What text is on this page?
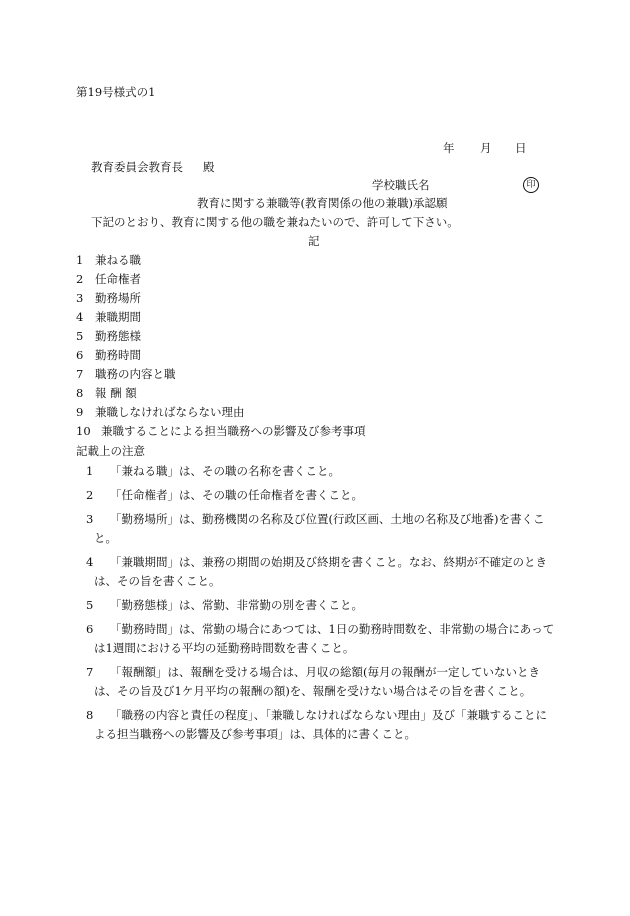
第19号様式の1
年 月 日
教育委員会教育長 殿
学校職氏名	印
教育に関する兼職等(教育関係の他の兼職)承認願
下記のとおり、教育に関する他の職を兼ねたいので、許可して下さい。
記
1 兼ねる職
2 任命権者
3 勤務場所
4 兼職期間
5 勤務態様
6 勤務時間
7 職務の内容と職
8 報 酬 額
9 兼職しなければならない理由
10 兼職することによる担当職務への影響及び参考事項
記載上の注意
1	「兼ねる職」は、その職の名称を書くこと。
2	「任命権者」は、その職の任命権者を書くこと。
3	「勤務場所」は、勤務機関の名称及び位置(行政区画、土地の名称及び地番)を書くこと。
4	「兼職期間」は、兼務の期間の始期及び終期を書くこと。なお、終期が不確定のときは、その旨を書くこと。
5	「勤務態様」は、常勤、非常勤の別を書くこと。
6	「勤務時間」は、常勤の場合にあつては、1日の勤務時間数を、非常勤の場合にあっては1週間における平均の延勤務時間数を書くこと。
7	「報酬額」は、報酬を受ける場合は、月収の総額(毎月の報酬が一定していないときは、その旨及び1ケ月平均の報酬の額)を、報酬を受けない場合はその旨を書くこと。
8	「職務の内容と責任の程度」、「兼職しなければならない理由」及び「兼職することによる担当職務への影響及び参考事項」は、具体的に書くこと。
